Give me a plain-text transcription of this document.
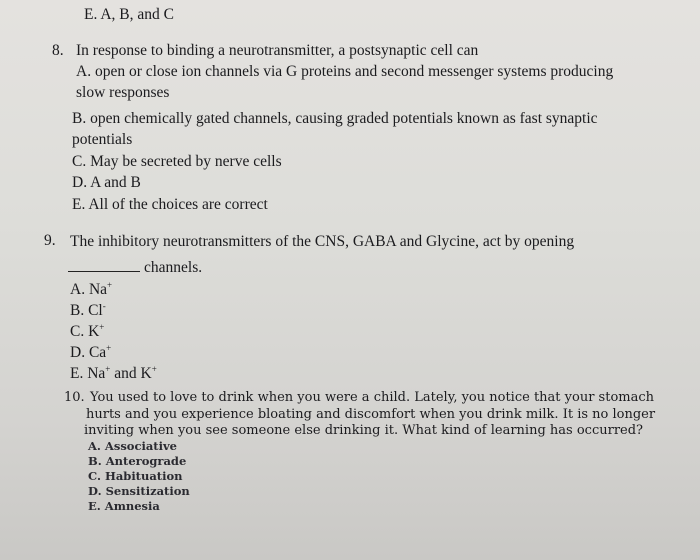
E. A, B, and C
8. In response to binding a neurotransmitter, a postsynaptic cell can
A. open or close ion channels via G proteins and second messenger systems producing
slow responses
B. open chemically gated channels, causing graded potentials known as fast synaptic
potentials
C. May be secreted by nerve cells
D. A and B
E. All of the choices are correct
9. The inhibitory neurotransmitters of the CNS, GABA and Glycine, act by opening
channels.
A. Na+
B. Cl-
C. K+
D. Ca+
E. Na+ and K+
10. You used to love to drink when you were a child. Lately, you notice that your stomach
hurts and you experience bloating and discomfort when you drink milk. It is no longer
inviting when you see someone else drinking it. What kind of learning has occurred?
A. Associative
B. Anterograde
C. Habituation
D. Sensitization
E. Amnesia
